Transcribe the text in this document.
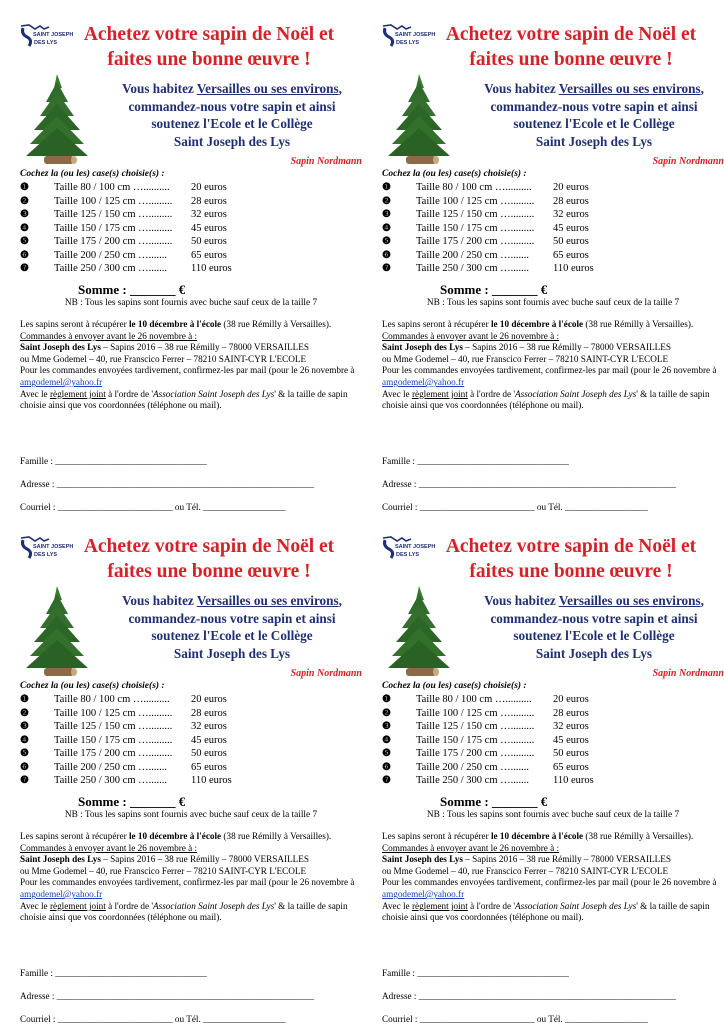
SAINT JOSEPH
DES LYS	Achetez votre sapin de Noël et
faites une bonne œuvre !
Vous habitez Versailles ou ses environs,
commandez-nous votre sapin et ainsi
soutenez l'Ecole et le Collège
Saint Joseph des Lys
Sapin Nordmann
Cochez la (ou les) case(s) choisie(s) :
❶ Taille 80 / 100 cm ….......... 20 euros
❷ Taille 100 / 125 cm …......... 28 euros
❸ Taille 125 / 150 cm …......... 32 euros
❹ Taille 150 / 175 cm …......... 45 euros
❺ Taille 175 / 200 cm …......... 50 euros
❻ Taille 200 / 250 cm …....... 65 euros
❼ Taille 250 / 300 cm …....... 110 euros
Somme : _______ €
NB : Tous les sapins sont fournis avec buche sauf ceux de la taille 7

Les sapins seront à récupérer le 10 décembre à l'école (38 rue Rémilly à Versailles).

Commandes à envoyer avant le 26 novembre à :

Saint Joseph des Lys – Sapins 2016 – 38 rue Rémilly – 78000 VERSAILLES

ou Mme Godemel – 40, rue Franscico Ferrer – 78210 SAINT-CYR L'ECOLE

Pour les commandes envoyées tardivement, confirmez-les par mail (pour le 26 novembre à amgodemel@yahoo.fr

Avec le règlement joint à l'ordre de 'Association Saint Joseph des Lys' & la taille de sapin choisie ainsi que vos coordonnées (téléphone ou mail).

Famille : _________________________________
Adresse : ________________________________________________________
Courriel : _________________________ ou Tél. __________________
SAINT JOSEPH
DES LYS	Achetez votre sapin de Noël et
faites une bonne œuvre !
Vous habitez Versailles ou ses environs,
commandez-nous votre sapin et ainsi
soutenez l'Ecole et le Collège
Saint Joseph des Lys
Sapin Nordmann
Cochez la (ou les) case(s) choisie(s) :
❶ Taille 80 / 100 cm ….......... 20 euros
❷ Taille 100 / 125 cm …......... 28 euros
❸ Taille 125 / 150 cm …......... 32 euros
❹ Taille 150 / 175 cm …......... 45 euros
❺ Taille 175 / 200 cm …......... 50 euros
❻ Taille 200 / 250 cm …....... 65 euros
❼ Taille 250 / 300 cm …....... 110 euros
Somme : _______ €
NB : Tous les sapins sont fournis avec buche sauf ceux de la taille 7

Les sapins seront à récupérer le 10 décembre à l'école (38 rue Rémilly à Versailles).

Commandes à envoyer avant le 26 novembre à :

Saint Joseph des Lys – Sapins 2016 – 38 rue Rémilly – 78000 VERSAILLES

ou Mme Godemel – 40, rue Franscico Ferrer – 78210 SAINT-CYR L'ECOLE

Pour les commandes envoyées tardivement, confirmez-les par mail (pour le 26 novembre à amgodemel@yahoo.fr

Avec le règlement joint à l'ordre de 'Association Saint Joseph des Lys' & la taille de sapin choisie ainsi que vos coordonnées (téléphone ou mail).

Famille : _________________________________
Adresse : ________________________________________________________
Courriel : _________________________ ou Tél. __________________
SAINT JOSEPH
DES LYS	Achetez votre sapin de Noël et
faites une bonne œuvre !
Vous habitez Versailles ou ses environs,
commandez-nous votre sapin et ainsi
soutenez l'Ecole et le Collège
Saint Joseph des Lys
Sapin Nordmann
Cochez la (ou les) case(s) choisie(s) :
❶ Taille 80 / 100 cm ….......... 20 euros
❷ Taille 100 / 125 cm …......... 28 euros
❸ Taille 125 / 150 cm …......... 32 euros
❹ Taille 150 / 175 cm …......... 45 euros
❺ Taille 175 / 200 cm …......... 50 euros
❻ Taille 200 / 250 cm …....... 65 euros
❼ Taille 250 / 300 cm …....... 110 euros
Somme : _______ €
NB : Tous les sapins sont fournis avec buche sauf ceux de la taille 7

Les sapins seront à récupérer le 10 décembre à l'école (38 rue Rémilly à Versailles).

Commandes à envoyer avant le 26 novembre à :

Saint Joseph des Lys – Sapins 2016 – 38 rue Rémilly – 78000 VERSAILLES

ou Mme Godemel – 40, rue Franscico Ferrer – 78210 SAINT-CYR L'ECOLE

Pour les commandes envoyées tardivement, confirmez-les par mail (pour le 26 novembre à amgodemel@yahoo.fr

Avec le règlement joint à l'ordre de 'Association Saint Joseph des Lys' & la taille de sapin choisie ainsi que vos coordonnées (téléphone ou mail).

Famille : _________________________________
Adresse : ________________________________________________________
Courriel : _________________________ ou Tél. __________________
SAINT JOSEPH
DES LYS	Achetez votre sapin de Noël et
faites une bonne œuvre !
Vous habitez Versailles ou ses environs,
commandez-nous votre sapin et ainsi
soutenez l'Ecole et le Collège
Saint Joseph des Lys
Sapin Nordmann
Cochez la (ou les) case(s) choisie(s) :
❶ Taille 80 / 100 cm ….......... 20 euros
❷ Taille 100 / 125 cm …......... 28 euros
❸ Taille 125 / 150 cm …......... 32 euros
❹ Taille 150 / 175 cm …......... 45 euros
❺ Taille 175 / 200 cm …......... 50 euros
❻ Taille 200 / 250 cm …....... 65 euros
❼ Taille 250 / 300 cm …....... 110 euros
Somme : _______ €
NB : Tous les sapins sont fournis avec buche sauf ceux de la taille 7

Les sapins seront à récupérer le 10 décembre à l'école (38 rue Rémilly à Versailles).

Commandes à envoyer avant le 26 novembre à :

Saint Joseph des Lys – Sapins 2016 – 38 rue Rémilly – 78000 VERSAILLES

ou Mme Godemel – 40, rue Franscico Ferrer – 78210 SAINT-CYR L'ECOLE

Pour les commandes envoyées tardivement, confirmez-les par mail (pour le 26 novembre à amgodemel@yahoo.fr

Avec le règlement joint à l'ordre de 'Association Saint Joseph des Lys' & la taille de sapin choisie ainsi que vos coordonnées (téléphone ou mail).

Famille : _________________________________
Adresse : ________________________________________________________
Courriel : _________________________ ou Tél. __________________
